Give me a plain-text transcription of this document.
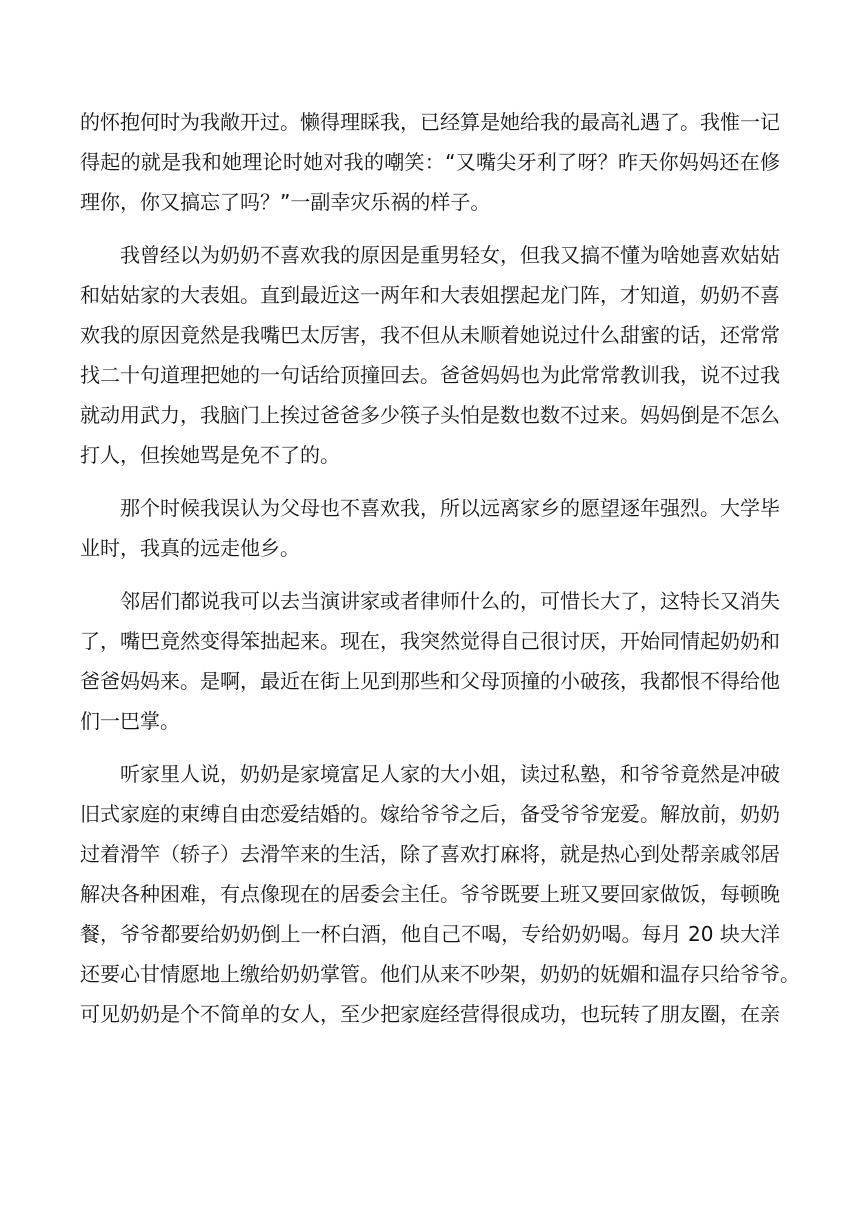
的怀抱何时为我敞开过。懒得理睬我，已经算是她给我的最高礼遇了。我惟一记
得起的就是我和她理论时她对我的嘲笑：“又嘴尖牙利了呀？昨天你妈妈还在修
理你，你又搞忘了吗？”一副幸灾乐祸的样子。
我曾经以为奶奶不喜欢我的原因是重男轻女，但我又搞不懂为啥她喜欢姑姑
和姑姑家的大表姐。直到最近这一两年和大表姐摆起龙门阵，才知道，奶奶不喜
欢我的原因竟然是我嘴巴太厉害，我不但从未顺着她说过什么甜蜜的话，还常常
找二十句道理把她的一句话给顶撞回去。爸爸妈妈也为此常常教训我，说不过我
就动用武力，我脑门上挨过爸爸多少筷子头怕是数也数不过来。妈妈倒是不怎么
打人，但挨她骂是免不了的。
那个时候我误认为父母也不喜欢我，所以远离家乡的愿望逐年强烈。大学毕
业时，我真的远走他乡。
邻居们都说我可以去当演讲家或者律师什么的，可惜长大了，这特长又消失
了，嘴巴竟然变得笨拙起来。现在，我突然觉得自己很讨厌，开始同情起奶奶和
爸爸妈妈来。是啊，最近在街上见到那些和父母顶撞的小破孩，我都恨不得给他
们一巴掌。
听家里人说，奶奶是家境富足人家的大小姐，读过私塾，和爷爷竟然是冲破
旧式家庭的束缚自由恋爱结婚的。嫁给爷爷之后，备受爷爷宠爱。解放前，奶奶
过着滑竿（轿子）去滑竿来的生活，除了喜欢打麻将，就是热心到处帮亲戚邻居
解决各种困难，有点像现在的居委会主任。爷爷既要上班又要回家做饭，每顿晚
餐，爷爷都要给奶奶倒上一杯白酒，他自己不喝，专给奶奶喝。每月 20 块大洋
还要心甘情愿地上缴给奶奶掌管。他们从来不吵架，奶奶的妩媚和温存只给爷爷。
可见奶奶是个不简单的女人，至少把家庭经营得很成功，也玩转了朋友圈，在亲
